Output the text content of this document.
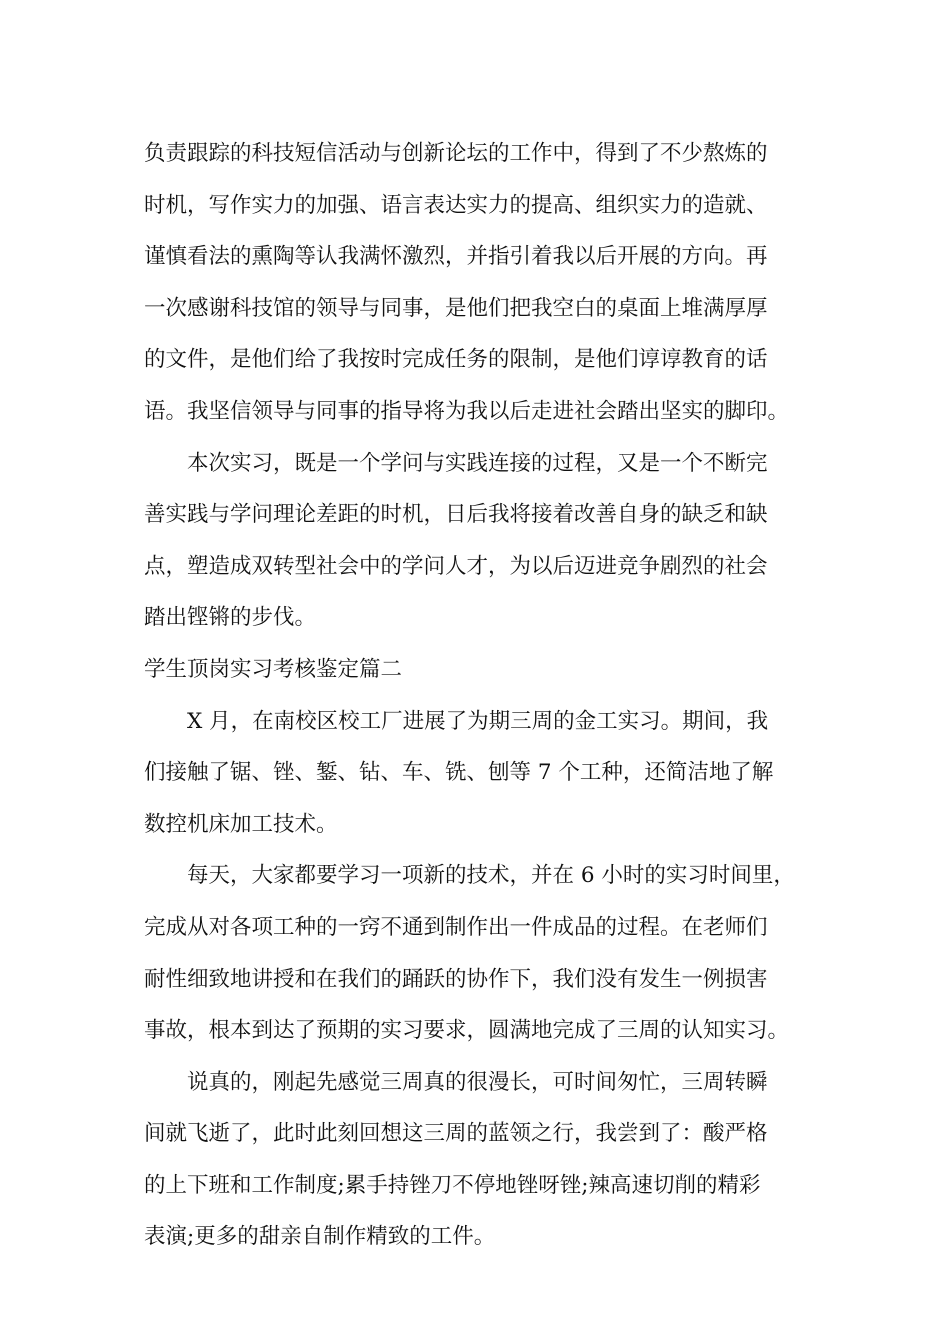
负责跟踪的科技短信活动与创新论坛的工作中，得到了不少熬炼的
时机，写作实力的加强、语言表达实力的提高、组织实力的造就、
谨慎看法的熏陶等认我满怀激烈，并指引着我以后开展的方向。再
一次感谢科技馆的领导与同事，是他们把我空白的桌面上堆满厚厚
的文件，是他们给了我按时完成任务的限制，是他们谆谆教育的话
语。我坚信领导与同事的指导将为我以后走进社会踏出坚实的脚印。
本次实习，既是一个学问与实践连接的过程，又是一个不断完
善实践与学问理论差距的时机，日后我将接着改善自身的缺乏和缺
点，塑造成双转型社会中的学问人才，为以后迈进竞争剧烈的社会
踏出铿锵的步伐。
学生顶岗实习考核鉴定篇二
X 月，在南校区校工厂进展了为期三周的金工实习。期间，我
们接触了锯、锉、錾、钻、车、铣、刨等 7 个工种，还简洁地了解
数控机床加工技术。
每天，大家都要学习一项新的技术，并在 6 小时的实习时间里，
完成从对各项工种的一窍不通到制作出一件成品的过程。在老师们
耐性细致地讲授和在我们的踊跃的协作下，我们没有发生一例损害
事故，根本到达了预期的实习要求，圆满地完成了三周的认知实习。
说真的，刚起先感觉三周真的很漫长，可时间匆忙，三周转瞬
间就飞逝了，此时此刻回想这三周的蓝领之行，我尝到了：酸严格
的上下班和工作制度;累手持锉刀不停地锉呀锉;辣高速切削的精彩
表演;更多的甜亲自制作精致的工件。
